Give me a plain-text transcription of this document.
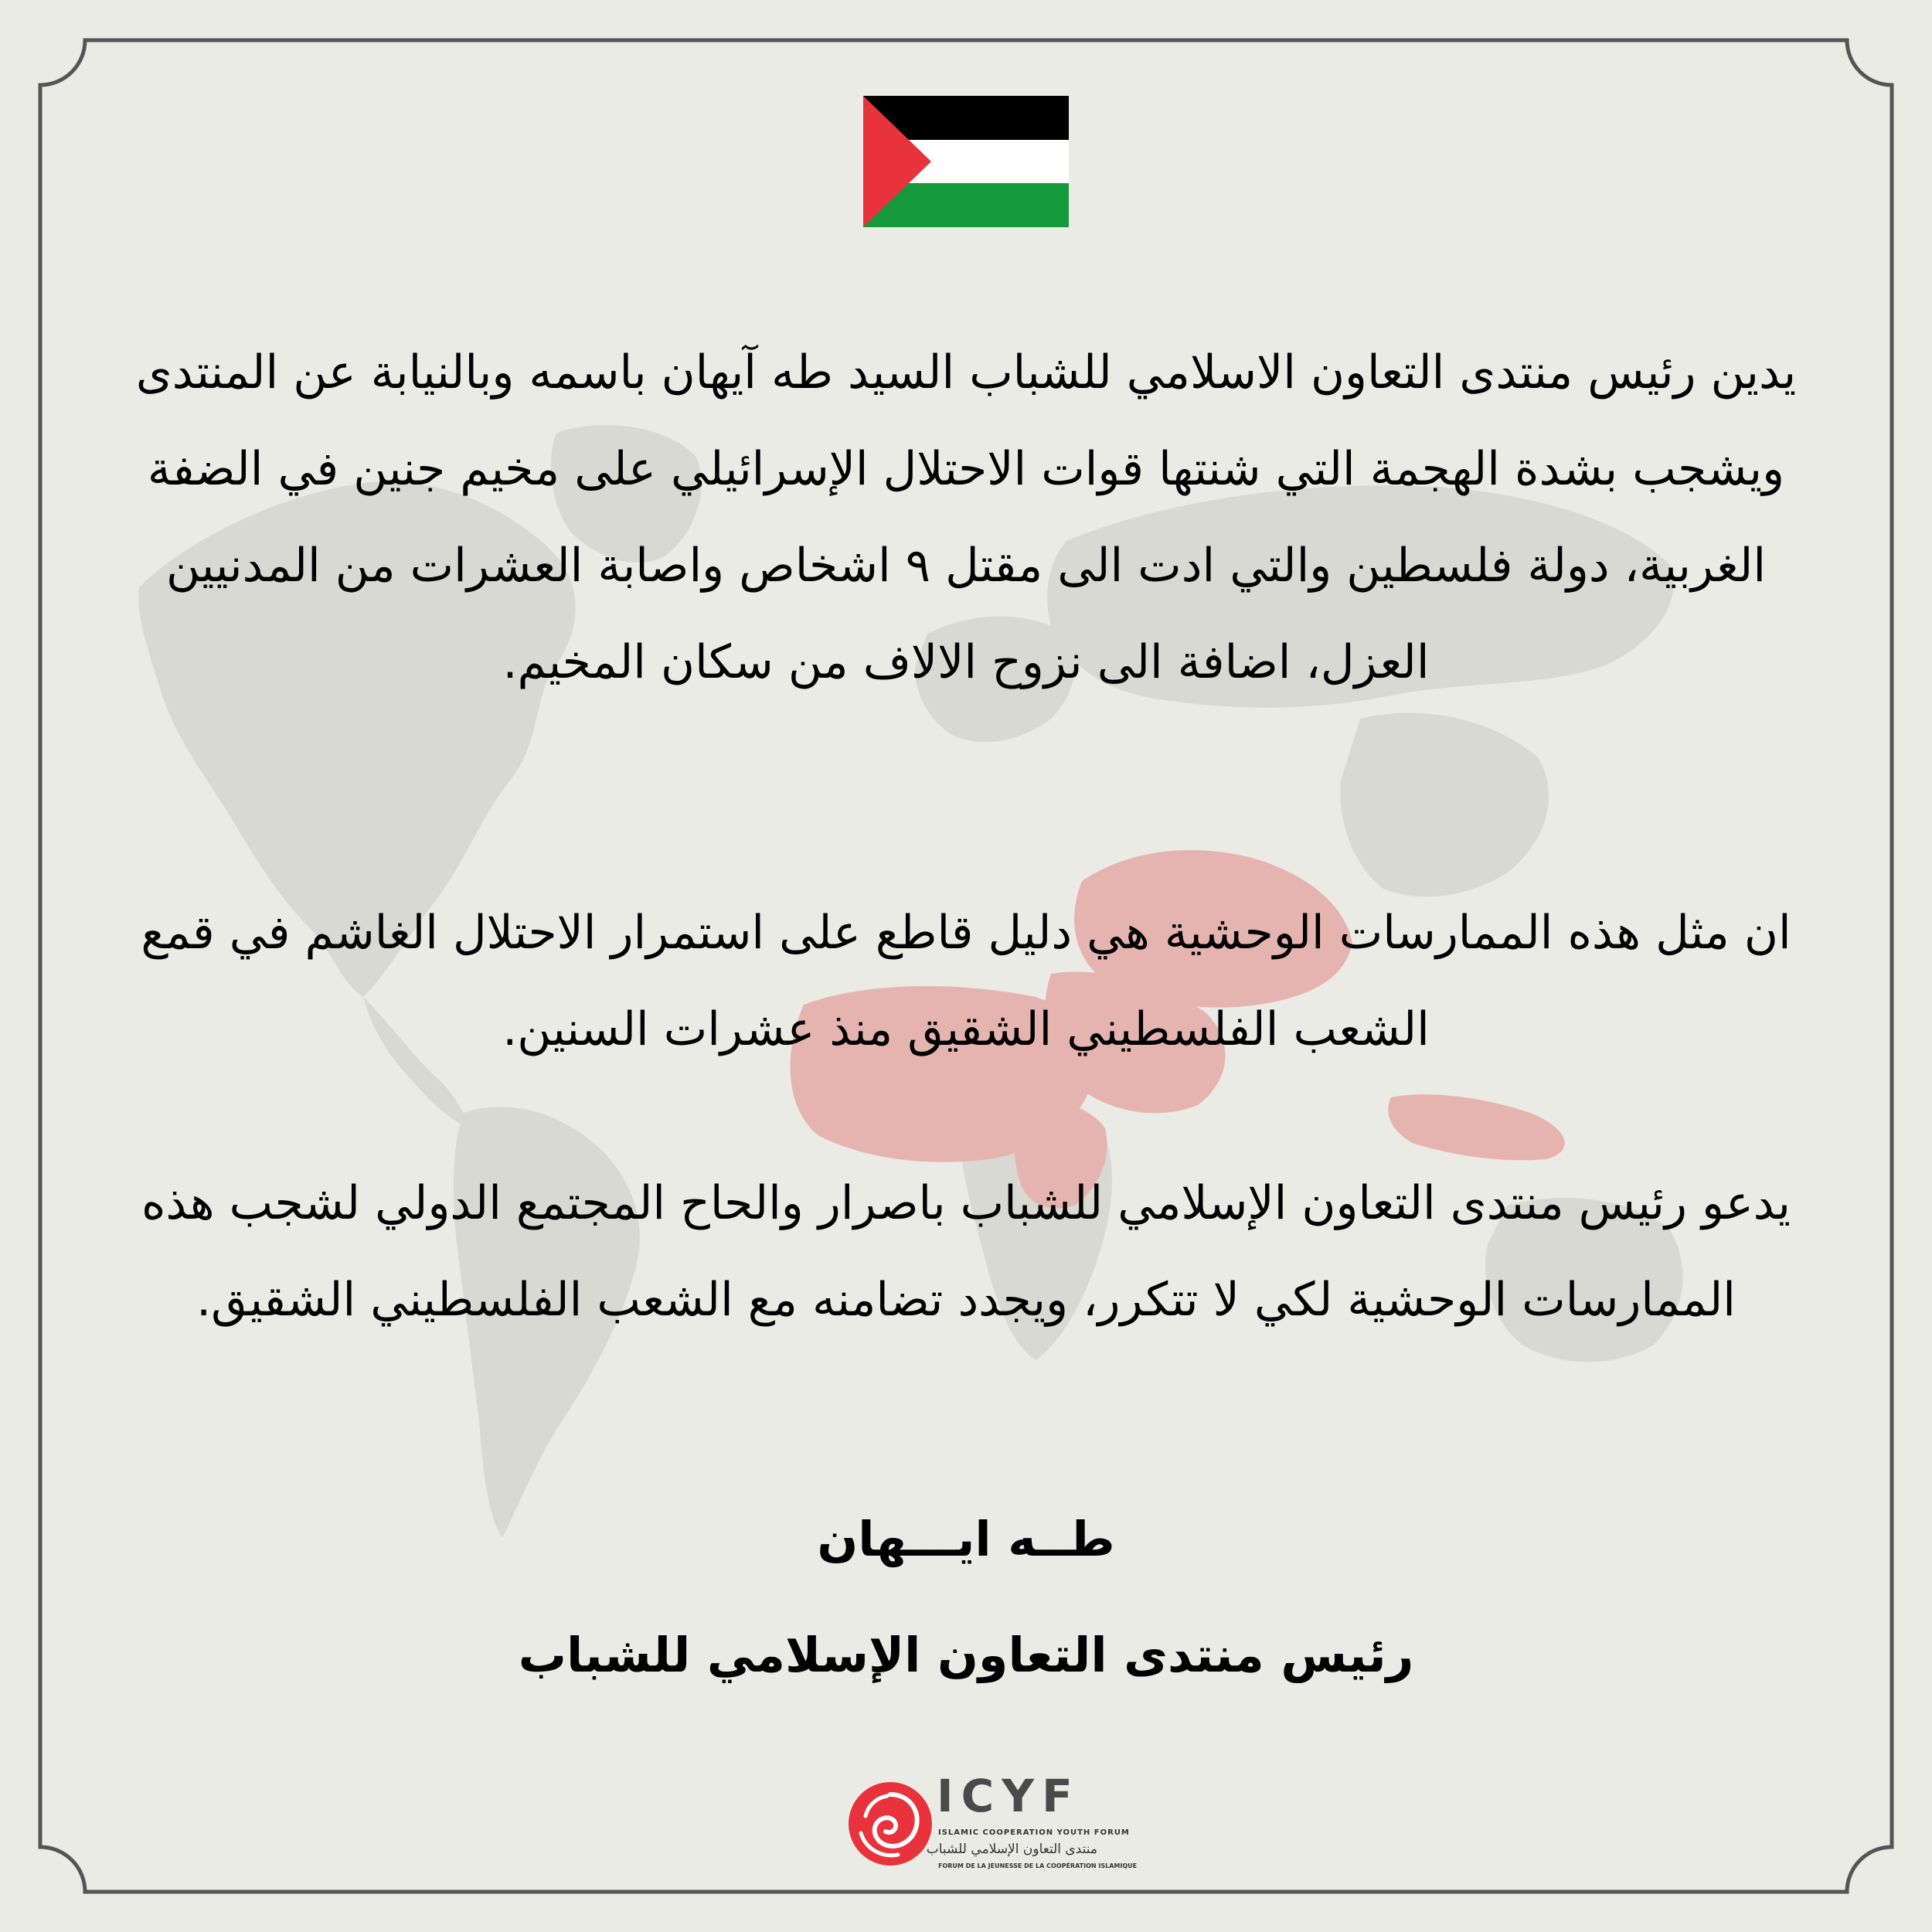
يدين رئيس منتدى التعاون الاسلامي للشباب السيد طه آيهان باسمه وبالنيابة عن المنتدى ويشجب بشدة الهجمة التي شنتها قوات الاحتلال الإسرائيلي على مخيم جنين في الضفة الغربية، دولة فلسطين والتي ادت الى مقتل ٩ اشخاص واصابة العشرات من المدنيين العزل، اضافة الى نزوح الالاف من سكان المخيم.

ان مثل هذه الممارسات الوحشية هي دليل قاطع على استمرار الاحتلال الغاشم في قمع الشعب الفلسطيني الشقيق منذ عشرات السنين.

يدعو رئيس منتدى التعاون الإسلامي للشباب باصرار والحاح المجتمع الدولي لشجب هذه الممارسات الوحشية لكي لا تتكرر، ويجدد تضامنه مع الشعب الفلسطيني الشقيق.

طــه ايـــهان

رئيس منتدى التعاون الإسلامي للشباب

ICYF
ISLAMIC COOPERATION YOUTH FORUM
منتدى التعاون الإسلامي للشباب
FORUM DE LA JEUNESSE DE LA COOPÉRATION ISLAMIQUE
